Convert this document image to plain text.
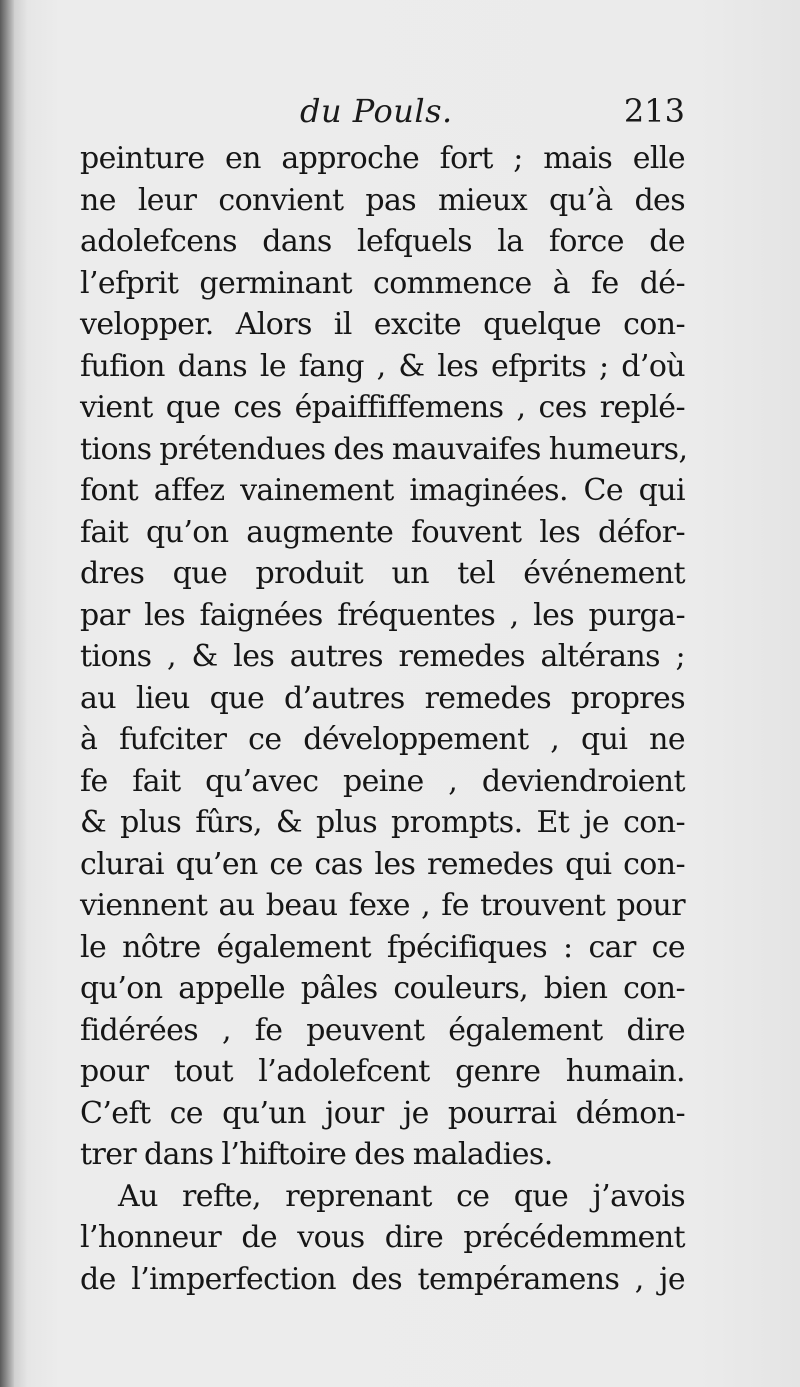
du Pouls.	213
peinture en approche fort ; mais elle
ne leur convient pas mieux qu’à des
adolefcens dans lefquels la force de
l’efprit germinant commence à fe dé-
velopper. Alors il excite quelque con-
fufion dans le fang , & les efprits ; d’où
vient que ces épaiffiffemens , ces replé-
tions prétendues des mauvaifes humeurs,
font affez vainement imaginées. Ce qui
fait qu’on augmente fouvent les défor-
dres que produit un tel événement
par les faignées fréquentes , les purga-
tions , & les autres remedes altérans ;
au lieu que d’autres remedes propres
à fufciter ce développement , qui ne
fe fait qu’avec peine , deviendroient
& plus fûrs, & plus prompts. Et je con-
clurai qu’en ce cas les remedes qui con-
viennent au beau fexe , fe trouvent pour
le nôtre également fpécifiques : car ce
qu’on appelle pâles couleurs, bien con-
fidérées , fe peuvent également dire
pour tout l’adolefcent genre humain.
C’eft ce qu’un jour je pourrai démon-
trer dans l’hiftoire des maladies.
Au refte, reprenant ce que j’avois
l’honneur de vous dire précédemment
de l’imperfection des tempéramens , je
